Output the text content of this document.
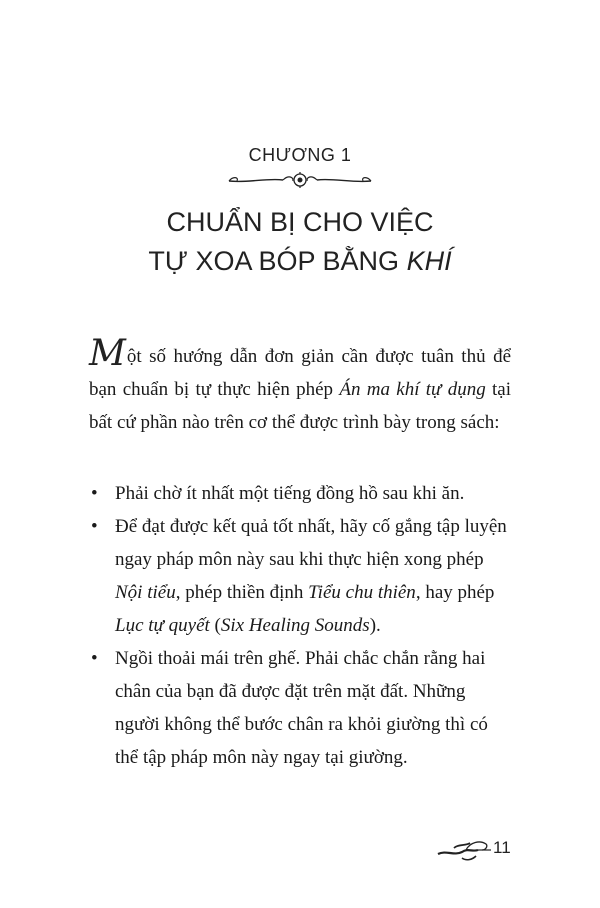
CHƯƠNG 1
CHUẨN BỊ CHO VIỆC
TỰ XOA BÓP BẰNG KHÍ

Một số hướng dẫn đơn giản cần được tuân thủ để bạn chuẩn bị tự thực hiện phép Án ma khí tự dụng tại bất cứ phần nào trên cơ thể được trình bày trong sách:

• Phải chờ ít nhất một tiếng đồng hồ sau khi ăn.
• Để đạt được kết quả tốt nhất, hãy cố gắng tập luyện ngay pháp môn này sau khi thực hiện xong phép Nội tiểu, phép thiền định Tiểu chu thiên, hay phép Lục tự quyết (Six Healing Sounds).
• Ngồi thoải mái trên ghế. Phải chắc chắn rằng hai chân của bạn đã được đặt trên mặt đất. Những người không thể bước chân ra khỏi giường thì có thể tập pháp môn này ngay tại giường.
11
